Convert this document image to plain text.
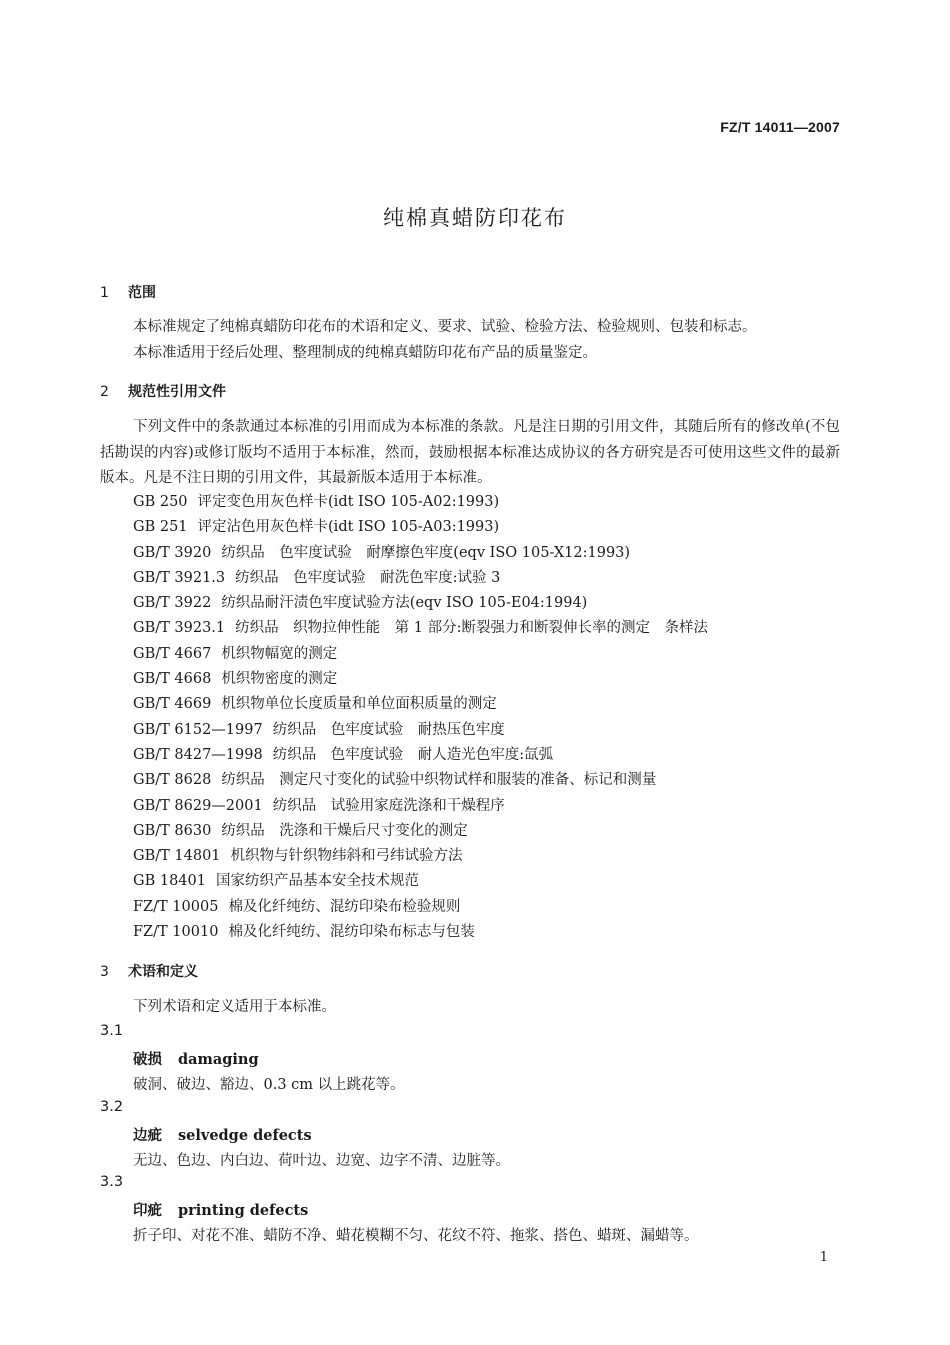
FZ/T 14011—2007
纯棉真蜡防印花布
1 范围
本标准规定了纯棉真蜡防印花布的术语和定义、要求、试验、检验方法、检验规则、包装和标志。
本标准适用于经后处理、整理制成的纯棉真蜡防印花布产品的质量鉴定。
2 规范性引用文件
下列文件中的条款通过本标准的引用而成为本标准的条款。凡是注日期的引用文件，其随后所有的修改单(不包括勘误的内容)或修订版均不适用于本标准，然而，鼓励根据本标准达成协议的各方研究是否可使用这些文件的最新版本。凡是不注日期的引用文件，其最新版本适用于本标准。
GB 250 评定变色用灰色样卡(idt ISO 105-A02:1993)
GB 251 评定沾色用灰色样卡(idt ISO 105-A03:1993)
GB/T 3920 纺织品　色牢度试验　耐摩擦色牢度(eqv ISO 105-X12:1993)
GB/T 3921.3 纺织品　色牢度试验　耐洗色牢度:试验 3
GB/T 3922 纺织品耐汗渍色牢度试验方法(eqv ISO 105-E04:1994)
GB/T 3923.1 纺织品　织物拉伸性能　第 1 部分:断裂强力和断裂伸长率的测定　条样法
GB/T 4667 机织物幅宽的测定
GB/T 4668 机织物密度的测定
GB/T 4669 机织物单位长度质量和单位面积质量的测定
GB/T 6152—1997 纺织品　色牢度试验　耐热压色牢度
GB/T 8427—1998 纺织品　色牢度试验　耐人造光色牢度:氙弧
GB/T 8628 纺织品　测定尺寸变化的试验中织物试样和服装的准备、标记和测量
GB/T 8629—2001 纺织品　试验用家庭洗涤和干燥程序
GB/T 8630 纺织品　洗涤和干燥后尺寸变化的测定
GB/T 14801 机织物与针织物纬斜和弓纬试验方法
GB 18401 国家纺织产品基本安全技术规范
FZ/T 10005 棉及化纤纯纺、混纺印染布检验规则
FZ/T 10010 棉及化纤纯纺、混纺印染布标志与包装
3 术语和定义
下列术语和定义适用于本标准。
3.1
破损 damaging
破洞、破边、豁边、0.3 cm 以上跳花等。
3.2
边疵 selvedge defects
无边、色边、内白边、荷叶边、边宽、边字不清、边脏等。
3.3
印疵 printing defects
折子印、对花不准、蜡防不净、蜡花模糊不匀、花纹不符、拖浆、搭色、蜡斑、漏蜡等。
1
